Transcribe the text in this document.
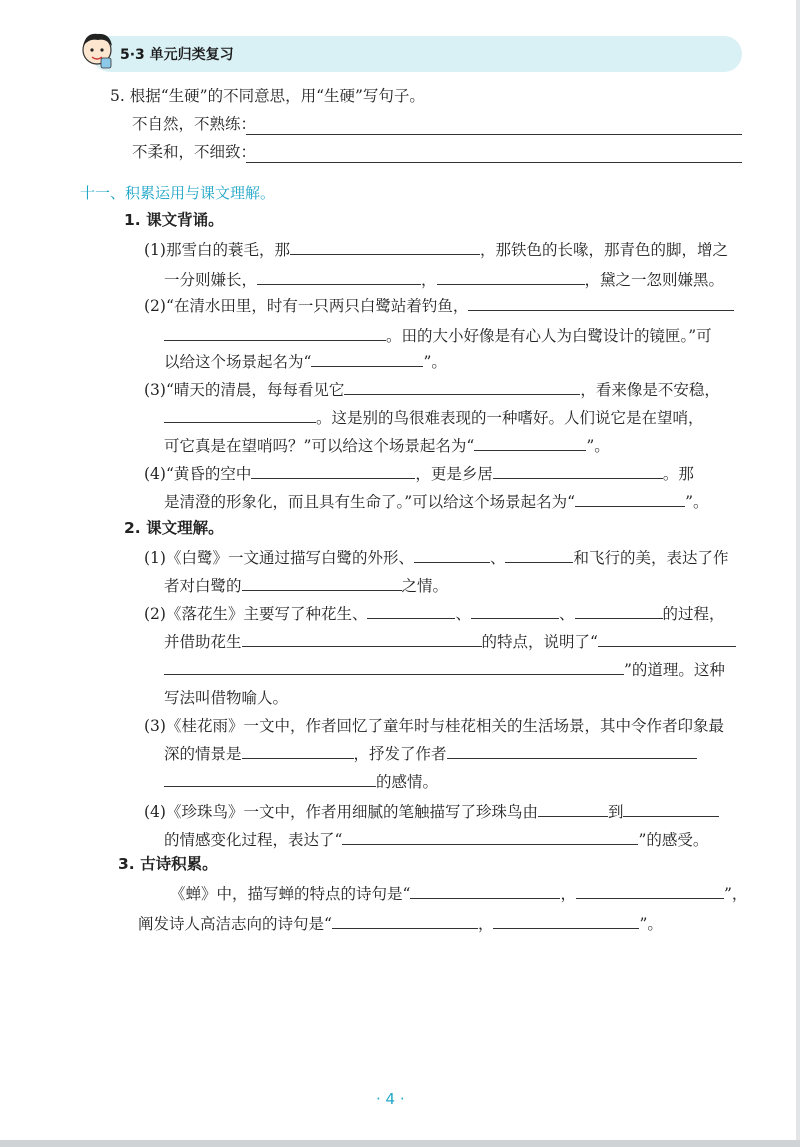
5·3 单元归类复习
5. 根据“生硬”的不同意思，用“生硬”写句子。
不自然，不熟练：
不柔和，不细致：
十一、积累运用与课文理解。
1. 课文背诵。
(1)那雪白的蓑毛，那	，那铁色的长喙，那青色的脚，增之
一分则嫌长，	，	，黛之一忽则嫌黑。
(2)“在清水田里，时有一只两只白鹭站着钓鱼，
。田的大小好像是有心人为白鹭设计的镜匣。”可
以给这个场景起名为“	”。
(3)“晴天的清晨，每每看见它	，看来像是不安稳，
。这是别的鸟很难表现的一种嗜好。人们说它是在望哨，
可它真是在望哨吗？”可以给这个场景起名为“	”。
(4)“黄昏的空中	，更是乡居	。那
是清澄的形象化，而且具有生命了。”可以给这个场景起名为“	”。
2. 课文理解。
(1)《白鹭》一文通过描写白鹭的外形、	、	和飞行的美，表达了作
者对白鹭的	之情。
(2)《落花生》主要写了种花生、	、	、	的过程，
并借助花生	的特点，说明了“
”的道理。这种
写法叫借物喻人。
(3)《桂花雨》一文中，作者回忆了童年时与桂花相关的生活场景，其中令作者印象最
深的情景是	，抒发了作者
的感情。
(4)《珍珠鸟》一文中，作者用细腻的笔触描写了珍珠鸟由	到
的情感变化过程，表达了“	”的感受。
3. 古诗积累。
《蝉》中，描写蝉的特点的诗句是“	，	”，
阐发诗人高洁志向的诗句是“	，	”。
· 4 ·
